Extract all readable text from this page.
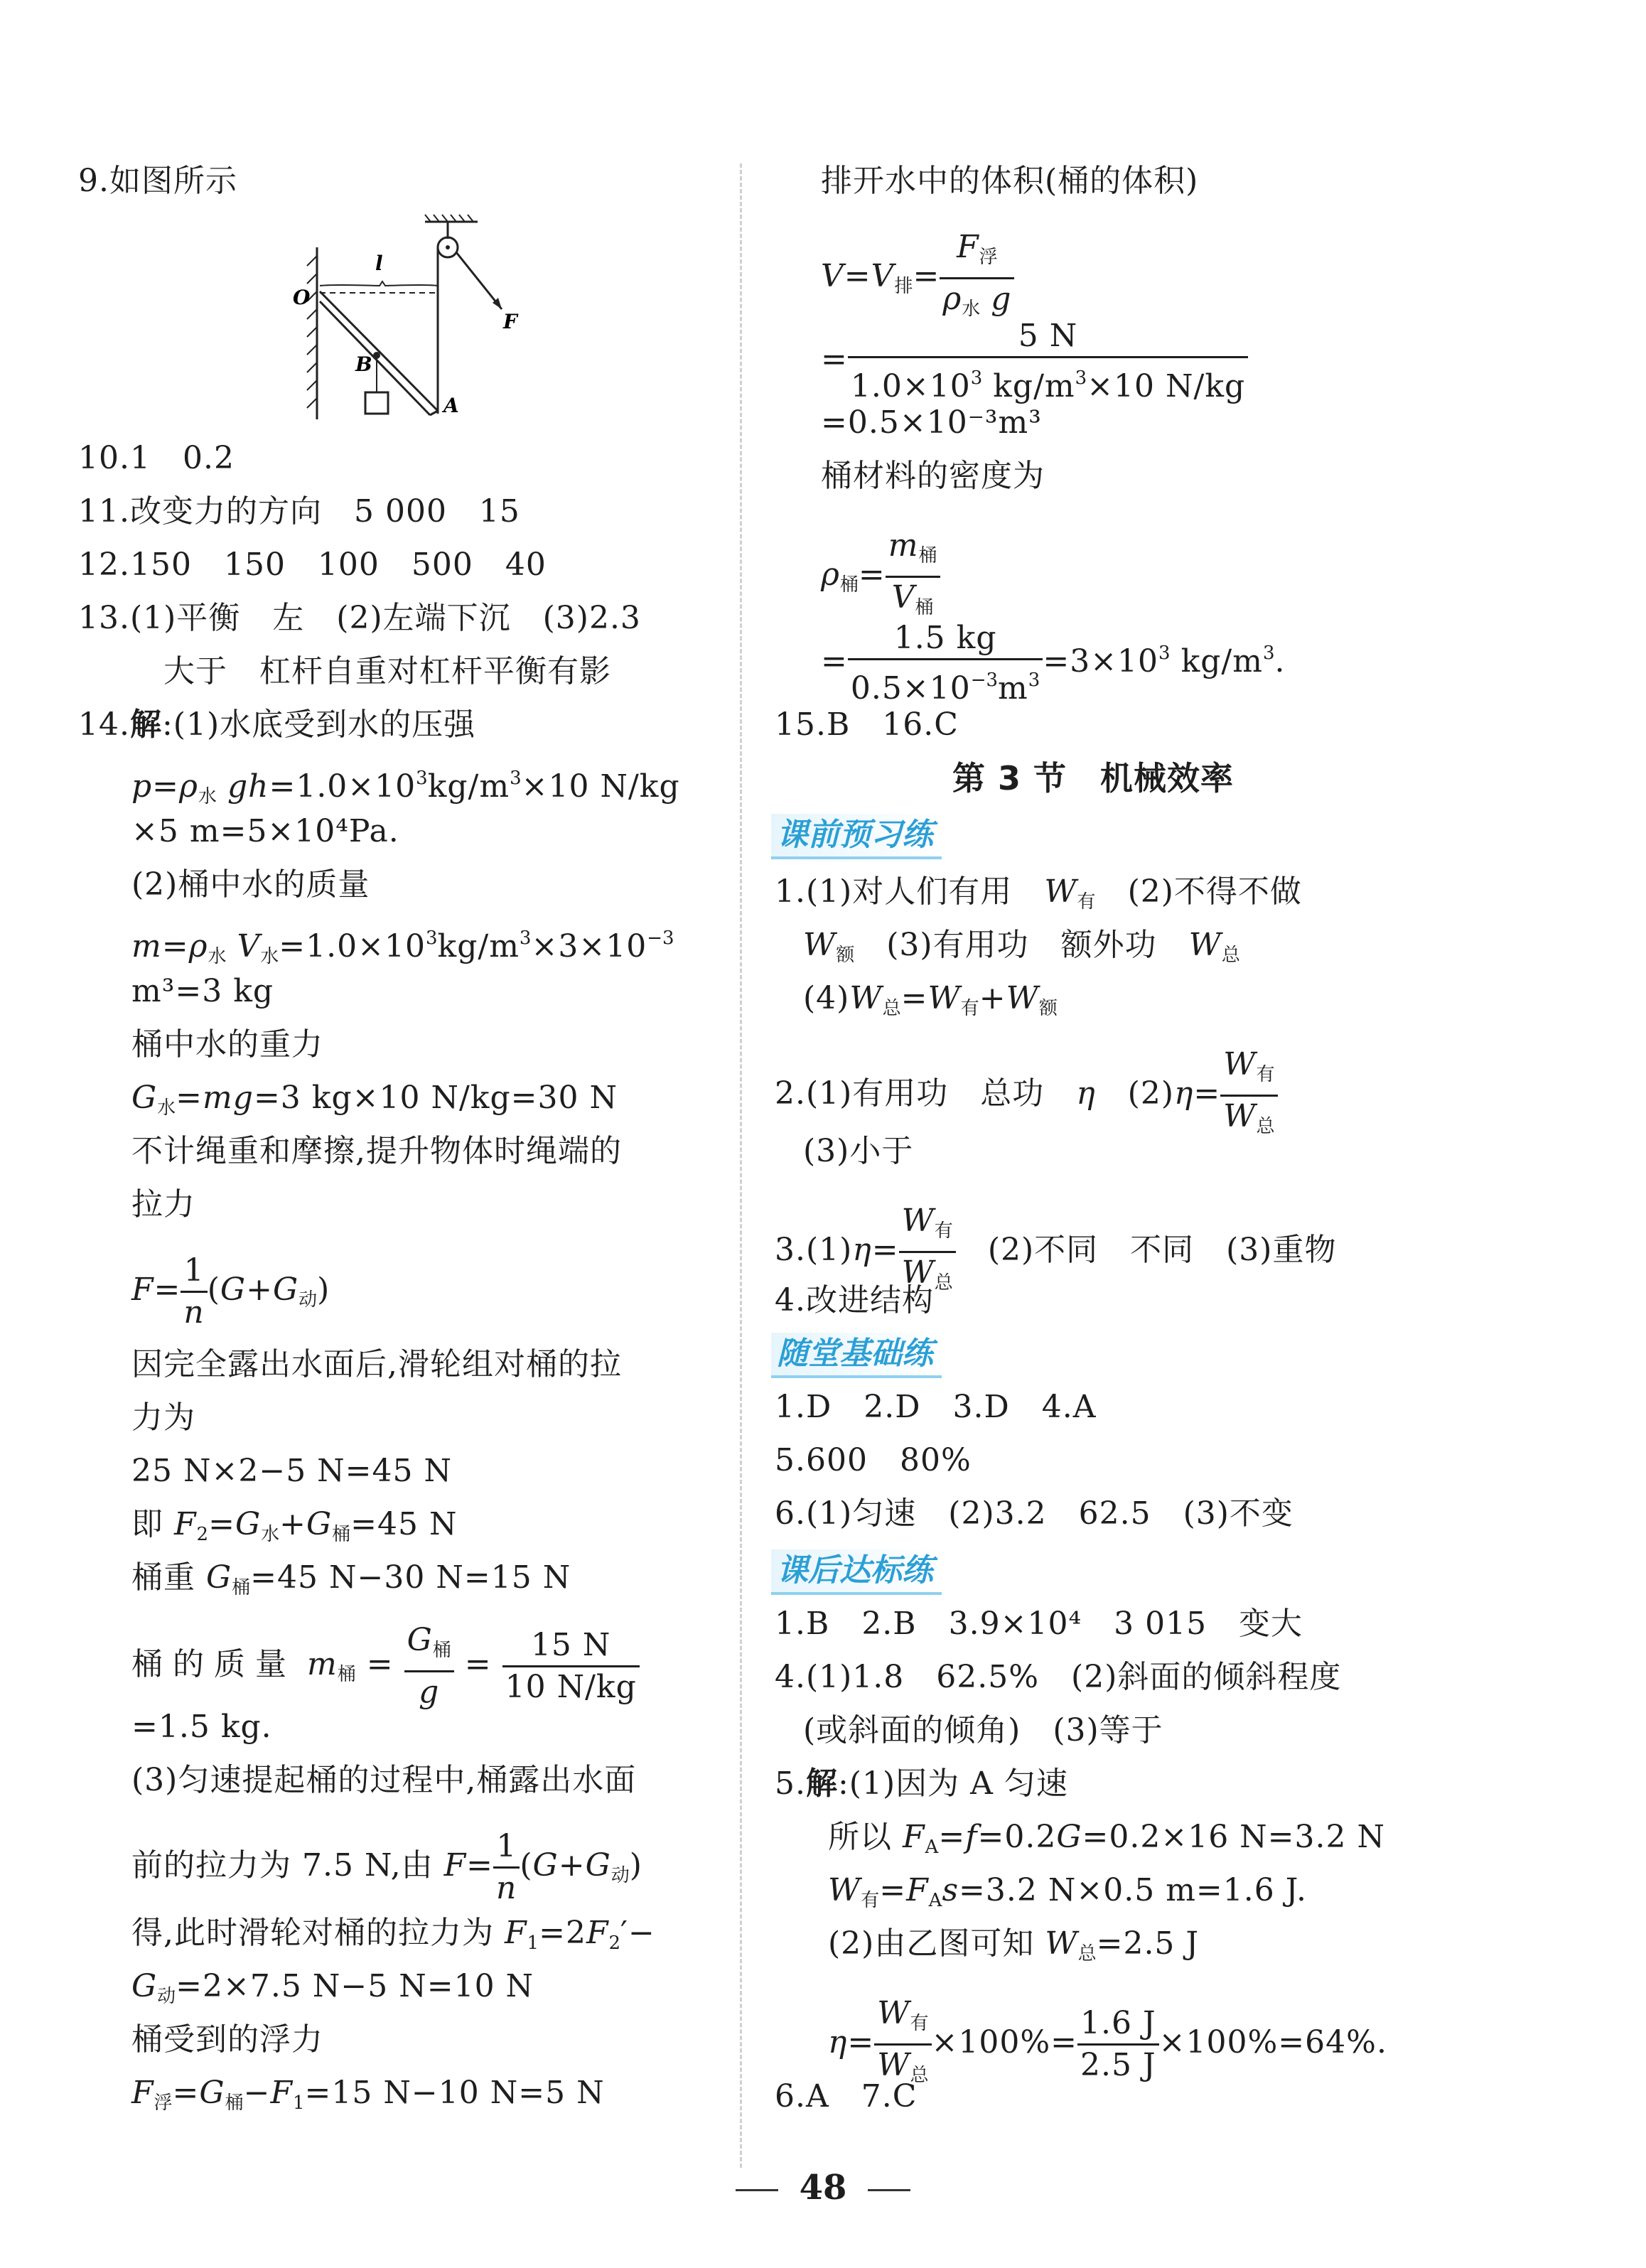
9.如图所示
O
l
B
A
F
10.1　0.2
11.改变力的方向　5 000　15
12.150　150　100　500　40
13.(1)平衡　左　(2)左端下沉　(3)2.3
大于　杠杆自重对杠杆平衡有影
14.解:(1)水底受到水的压强
$p=\rho_水$ $gh=1.0\times 10^3kg/m^3\times 10$ N/kg
×5 m=5×10⁴Pa.
(2)桶中水的质量
$m=\rho_水$ $V_水=1.0\times 10^3kg/m^3\times 3\times 10^{-3}$
m³=3 kg
桶中水的重力
$G_水=mg=3$ kg×10 N/kg=30 N
不计绳重和摩擦,提升物体时绳端的
拉力
$F= \frac{1}{n} (G+G_动)$
因完全露出水面后,滑轮组对桶的拉
力为
25 N×2−5 N=45 N
即 $F_2=G_水+G_桶=45$ N
桶重 $G_桶=45$ N−30 N=15 N
桶的质量 $m_桶 = \frac{G_桶}{g} = \frac{15 N}{10 N/kg}$
=1.5 kg.
(3)匀速提起桶的过程中,桶露出水面
前的拉力为 7.5 N,由 $F= \frac{1}{n} (G+G_动)$
得,此时滑轮对桶的拉力为 $F_1=2F_2'-$
$G_动=2\times 7.5$ N−5 N=10 N
桶受到的浮力
$F_浮=G_桶-F_1=15$ N−10 N=5 N
排开水中的体积(桶的体积)
$V=V_排= \frac{F_浮}{\rho_水 g}$
= $\frac{5 N}{1.0\times 10^3 kg/m^3\times 10 N/kg}$
=0.5×10⁻³m³
桶材料的密度为
$\rho_桶= \frac{m_桶}{V_桶}$
= $\frac{1.5 kg}{0.5\times 10^{-3}m^3} =3\times 10^3$ $kg/m^3$.
15.B　16.C
第 3 节　机械效率
课前预习练
1.(1)对人们有用　 $W_有$　 (2)不得不做
$W_额$　 (3)有用功　额外功　 $W_总$
$(4)W_总=W_有+W_额$
2.(1)有用功　总功　 η　$(2)\eta= \frac{W_有}{W_总}$
(3)小于
$3.(1)\eta= \frac{W_有}{W_总}$
　 (2)不同　不同　(3)重物
4.改进结构
随堂基础练
1.D　2.D　3.D　4.A
5.600　80%
6.(1)匀速　(2)3.2　62.5　(3)不变
课后达标练
1.B　2.B　3.9×10⁴　3 015　变大
4.(1)1.8　62.5%　(2)斜面的倾斜程度
(或斜面的倾角)　(3)等于
5.解:(1)因为 A 匀速
所以 $F_A=f=0.2G=0.2\times 16$ N=3.2 N
$W_有=F_As=3.2$ N×0.5 m=1.6 J.
(2)由乙图可知 $W_总=2.5$ J
$\eta= \frac{W_有}{W_总} \times 100\%= \frac{1.6 J}{2.5 J} \times 100\%=64\%$.
6.A　7.C
48
